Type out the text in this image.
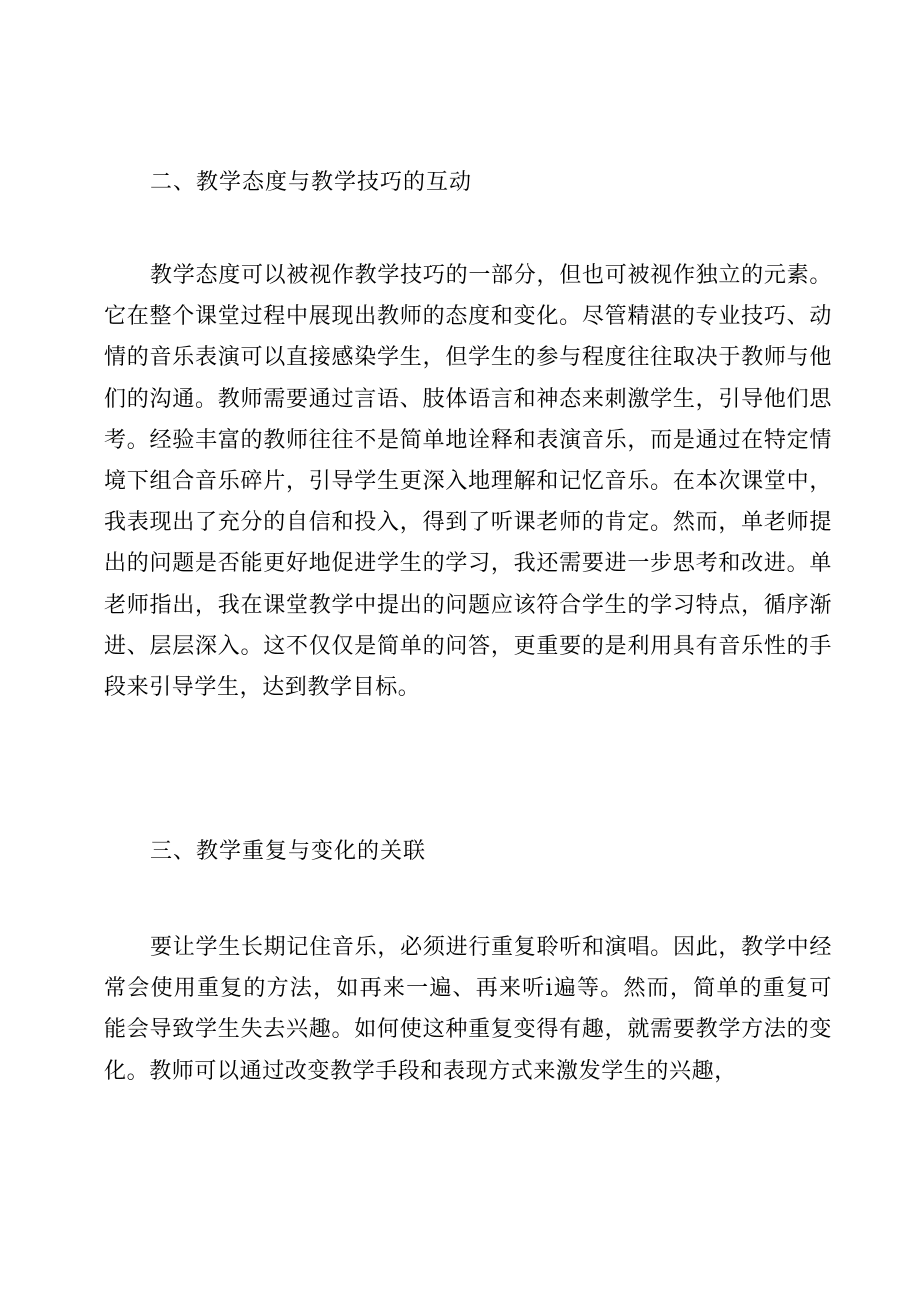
二、教学态度与教学技巧的互动

教学态度可以被视作教学技巧的一部分，但也可被视作独立的元素。它在整个课堂过程中展现出教师的态度和变化。尽管精湛的专业技巧、动情的音乐表演可以直接感染学生，但学生的参与程度往往取决于教师与他们的沟通。教师需要通过言语、肢体语言和神态来刺激学生，引导他们思考。经验丰富的教师往往不是简单地诠释和表演音乐，而是通过在特定情境下组合音乐碎片，引导学生更深入地理解和记忆音乐。在本次课堂中，我表现出了充分的自信和投入，得到了听课老师的肯定。然而，单老师提出的问题是否能更好地促进学生的学习，我还需要进一步思考和改进。单老师指出，我在课堂教学中提出的问题应该符合学生的学习特点，循序渐进、层层深入。这不仅仅是简单的问答，更重要的是利用具有音乐性的手段来引导学生，达到教学目标。

三、教学重复与变化的关联

要让学生长期记住音乐，必须进行重复聆听和演唱。因此，教学中经常会使用重复的方法，如再来一遍、再来听i遍等。然而，简单的重复可能会导致学生失去兴趣。如何使这种重复变得有趣，就需要教学方法的变化。教师可以通过改变教学手段和表现方式来激发学生的兴趣，
